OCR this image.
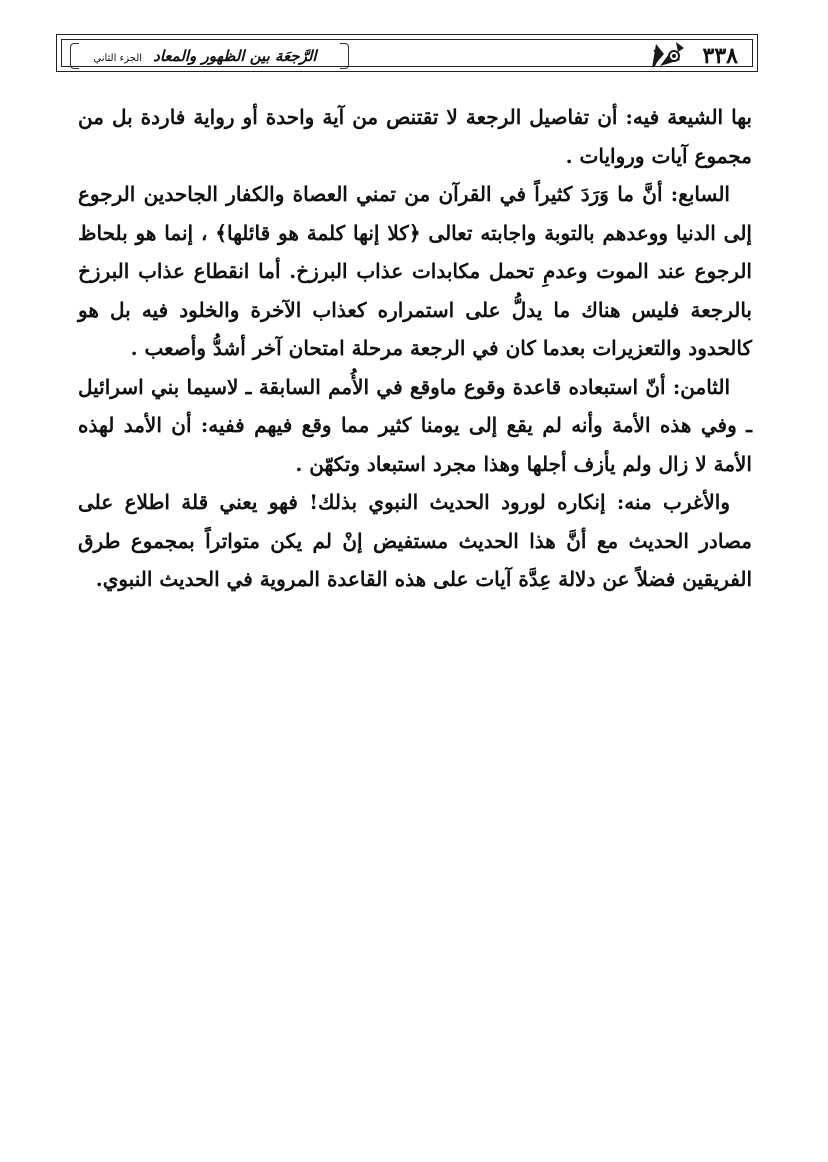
٣٣٨
الرَّجعَة بين الظهور والمعاد الجزء الثاني

بها الشيعة فيه: أن تفاصيل الرجعة لا تقتنص من آية واحدة أو رواية فاردة بل من مجموع آيات وروايات .

السابع: أنَّ ما وَرَدَ كثيراً في القرآن من تمني العصاة والكفار الجاحدين الرجوع إلى الدنيا ووعدهم بالتوبة واجابته تعالى ﴿كلا إنها كلمة هو قائلها﴾ ، إنما هو بلحاظ الرجوع عند الموت وعدمِ تحمل مكابدات عذاب البرزخ. أما انقطاع عذاب البرزخ بالرجعة فليس هناك ما يدلُّ على استمراره كعذاب الآخرة والخلود فيه بل هو كالحدود والتعزيرات بعدما كان في الرجعة مرحلة امتحان آخر أشدُّ وأصعب .

الثامن: أنّ استبعاده قاعدة وقوع ماوقع في الأُمم السابقة ـ لاسيما بني اسرائيل ـ وفي هذه الأمة وأنه لم يقع إلى يومنا كثير مما وقع فيهم ففيه: أن الأمد لهذه الأمة لا زال ولم يأزف أجلها وهذا مجرد استبعاد وتكهّن .

والأغرب منه: إنكاره لورود الحديث النبوي بذلك! فهو يعني قلة اطلاع على مصادر الحديث مع أنَّ هذا الحديث مستفيض إنْ لم يكن متواتراً بمجموع طرق الفريقين فضلاً عن دلالة عِدَّة آيات على هذه القاعدة المروية في الحديث النبوي.
